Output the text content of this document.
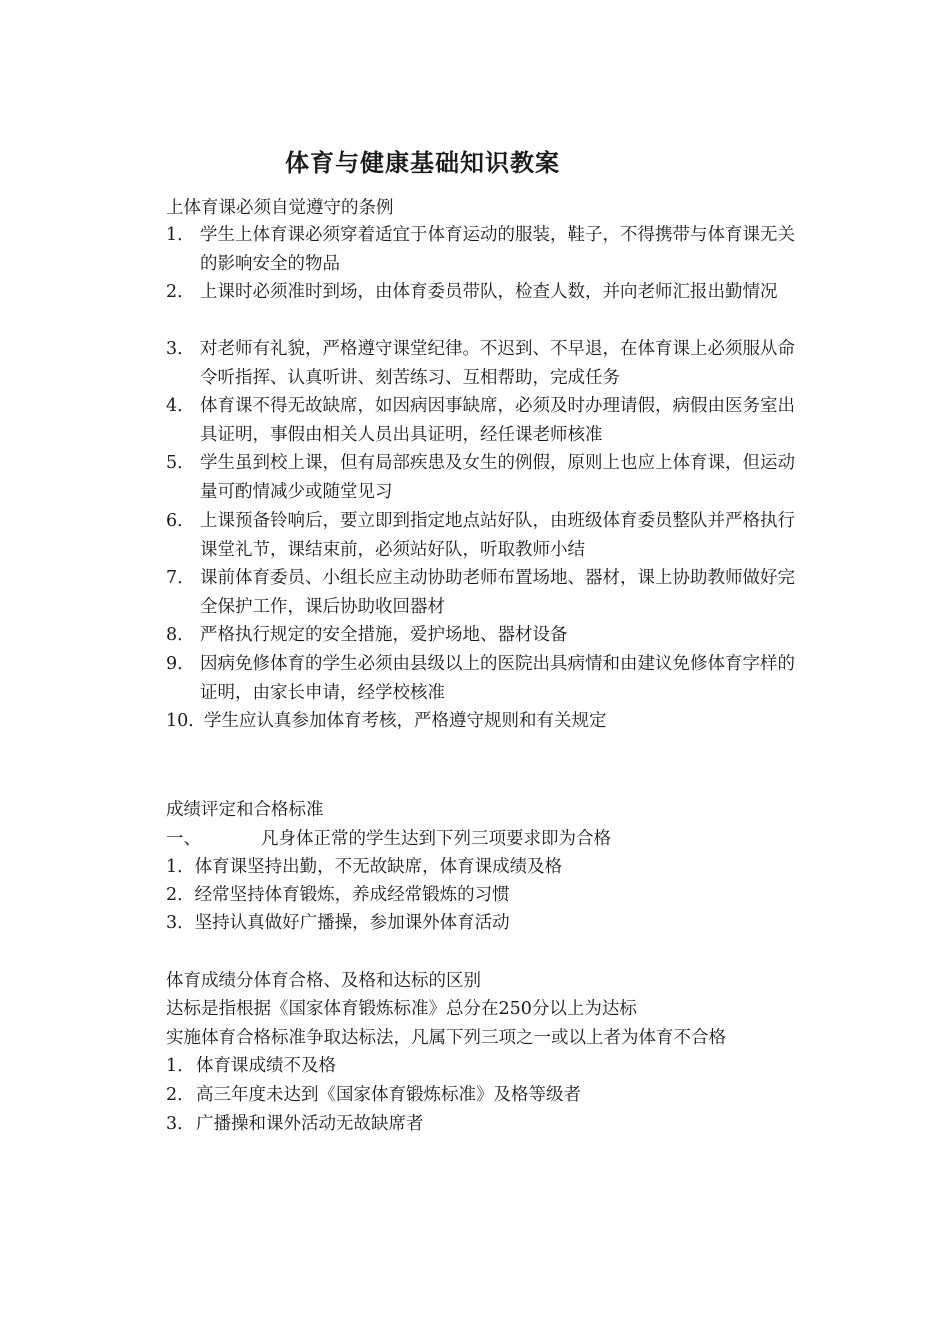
体育与健康基础知识教案
上体育课必须自觉遵守的条例
1． 学生上体育课必须穿着适宜于体育运动的服装，鞋子，不得携带与体育课无关的影响安全的物品
2． 上课时必须准时到场，由体育委员带队，检查人数，并向老师汇报出勤情况
3． 对老师有礼貌，严格遵守课堂纪律。不迟到、不早退，在体育课上必须服从命令听指挥、认真听讲、刻苦练习、互相帮助，完成任务
4． 体育课不得无故缺席，如因病因事缺席，必须及时办理请假，病假由医务室出具证明，事假由相关人员出具证明，经任课老师核准
5． 学生虽到校上课，但有局部疾患及女生的例假，原则上也应上体育课，但运动量可酌情减少或随堂见习
6． 上课预备铃响后，要立即到指定地点站好队，由班级体育委员整队并严格执行课堂礼节，课结束前，必须站好队，听取教师小结
7． 课前体育委员、小组长应主动协助老师布置场地、器材，课上协助教师做好完全保护工作，课后协助收回器材
8． 严格执行规定的安全措施，爱护场地、器材设备
9． 因病免修体育的学生必须由县级以上的医院出具病情和由建议免修体育字样的证明，由家长申请，经学校核准
10．
学生应认真参加体育考核，严格遵守规则和有关规定
成绩评定和合格标准
一、	凡身体正常的学生达到下列三项要求即为合格
1．体育课坚持出勤，不无故缺席，体育课成绩及格
2．经常坚持体育锻炼，养成经常锻炼的习惯
3．坚持认真做好广播操，参加课外体育活动
体育成绩分体育合格、及格和达标的区别
达标是指根据《国家体育锻炼标准》总分在250分以上为达标
实施体育合格标准争取达标法，凡属下列三项之一或以上者为体育不合格
1．体育课成绩不及格
2．高三年度未达到《国家体育锻炼标准》及格等级者
3．广播操和课外活动无故缺席者
